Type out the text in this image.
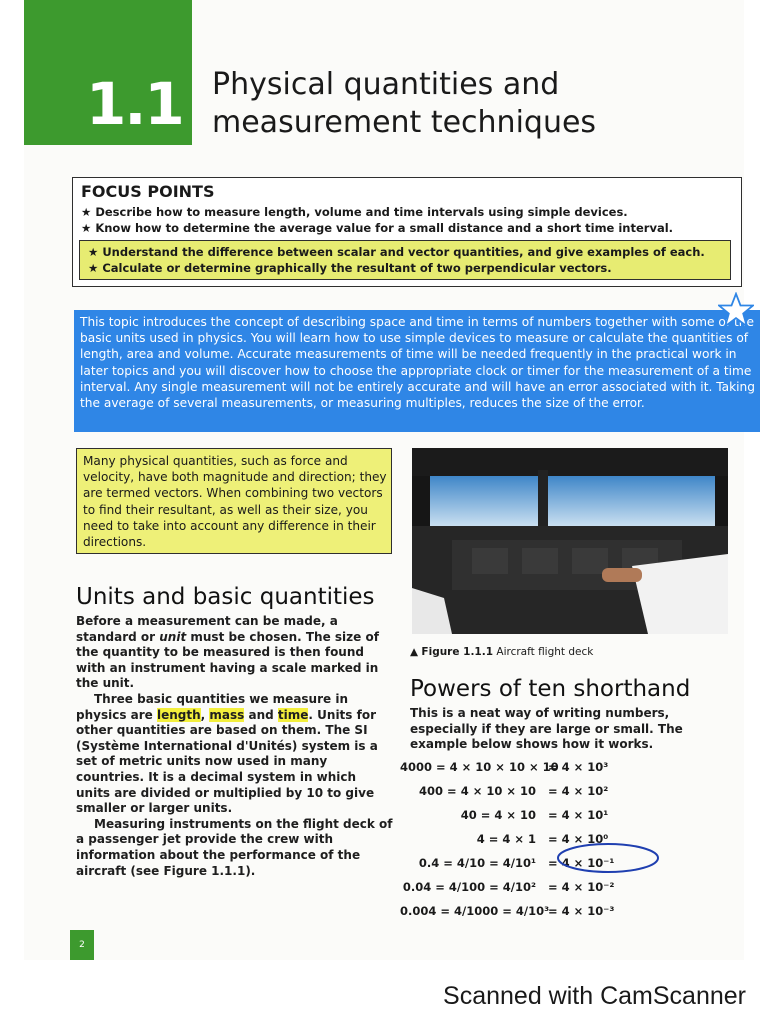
1.1 Physical quantities and
measurement techniques
FOCUS POINTS
★ Describe how to measure length, volume and time intervals using simple devices.
★ Know how to determine the average value for a small distance and a short time interval.
★ Understand the difference between scalar and vector quantities, and give examples of each.
★ Calculate or determine graphically the resultant of two perpendicular vectors.

This topic introduces the concept of describing space and time in terms of numbers together with some of the basic units used in physics. You will learn how to use simple devices to measure or calculate the quantities of length, area and volume. Accurate measurements of time will be needed frequently in the practical work in later topics and you will discover how to choose the appropriate clock or timer for the measurement of a time interval. Any single measurement will not be entirely accurate and will have an error associated with it. Taking the average of several measurements, or measuring multiples, reduces the size of the error.

Many physical quantities, such as force and velocity, have both magnitude and direction; they are termed vectors. When combining two vectors to find their resultant, as well as their size, you need to take into account any difference in their directions.

▲ Figure 1.1.1 Aircraft flight deck
Units and basic quantities

Before a measurement can be made, a standard or unit must be chosen. The size of the quantity to be measured is then found with an instrument having a scale marked in the unit.

Three basic quantities we measure in physics are length, mass and time. Units for other quantities are based on them. The SI (Système International d'Unités) system is a set of metric units now used in many countries. It is a decimal system in which units are divided or multiplied by 10 to give smaller or larger units.

Measuring instruments on the flight deck of a passenger jet provide the crew with information about the performance of the aircraft (see Figure 1.1.1).

Powers of ten shorthand
This is a neat way of writing numbers, especially if they are large or small. The example below shows how it works.
4000 = 4 × 10 × 10 × 10
= 4 × 10³
400 = 4 × 10 × 10 = 4 × 10²
40 = 4 × 10 = 4 × 10¹
4 = 4 × 1 = 4 × 10⁰
0.4 = 4/10 = 4/10¹ = 4 × 10⁻¹
0.04 = 4/100 = 4/10² = 4 × 10⁻²
0.004 = 4/1000 = 4/10³
= 4 × 10⁻³
2
Scanned with CamScanner
